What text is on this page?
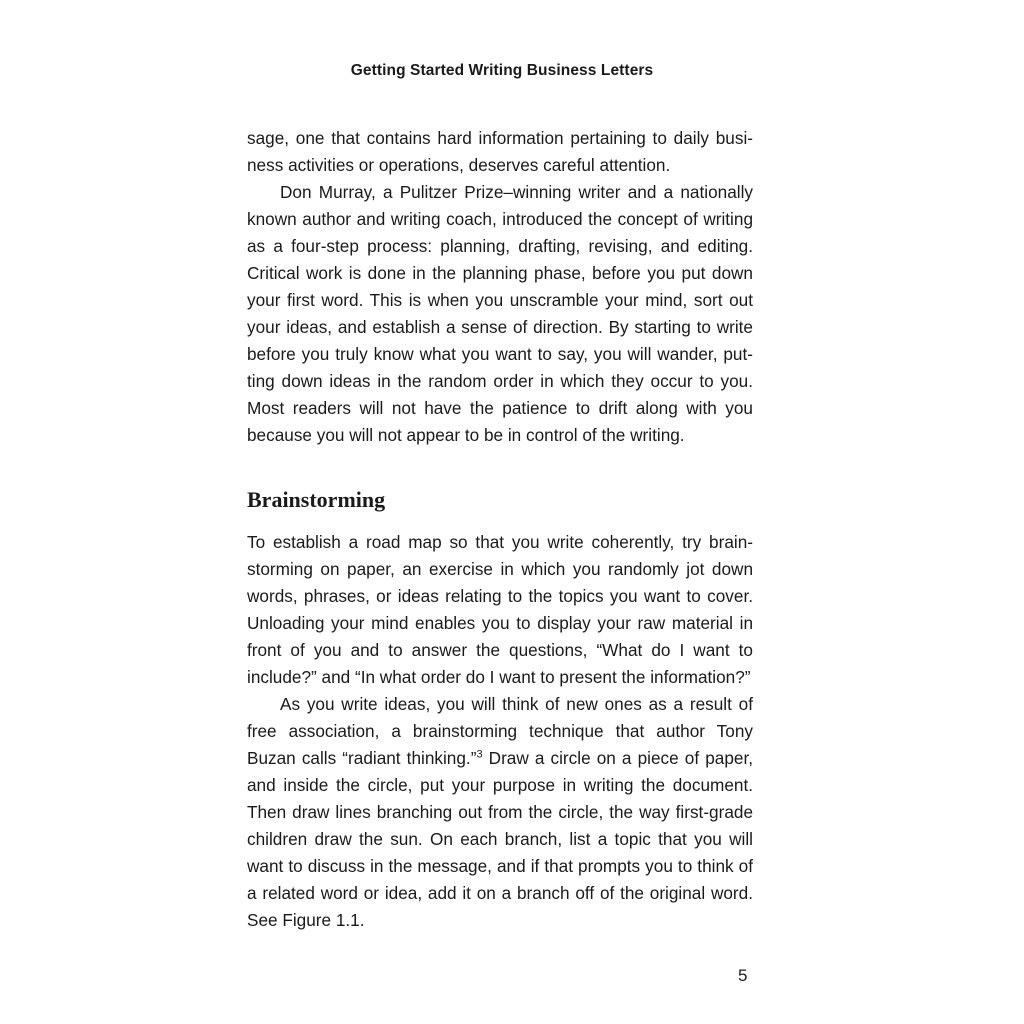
Getting Started Writing Business Letters

sage, one that contains hard information pertaining to daily business activities or operations, deserves careful attention.

Don Murray, a Pulitzer Prize–winning writer and a nationally known author and writing coach, introduced the concept of writing as a four-step process: planning, drafting, revising, and editing. Critical work is done in the planning phase, before you put down your first word. This is when you unscramble your mind, sort out your ideas, and establish a sense of direction. By starting to write before you truly know what you want to say, you will wander, putting down ideas in the random order in which they occur to you. Most readers will not have the patience to drift along with you because you will not appear to be in control of the writing.

Brainstorming

To establish a road map so that you write coherently, try brainstorming on paper, an exercise in which you randomly jot down words, phrases, or ideas relating to the topics you want to cover. Unloading your mind enables you to display your raw material in front of you and to answer the questions, “What do I want to include?” and “In what order do I want to present the information?”

As you write ideas, you will think of new ones as a result of free association, a brainstorming technique that author Tony Buzan calls “radiant thinking.”$^3$ Draw a circle on a piece of paper, and inside the circle, put your purpose in writing the document. Then draw lines branching out from the circle, the way first-grade children draw the sun. On each branch, list a topic that you will want to discuss in the message, and if that prompts you to think of a related word or idea, add it on a branch off of the original word. See Figure 1.1.

5
